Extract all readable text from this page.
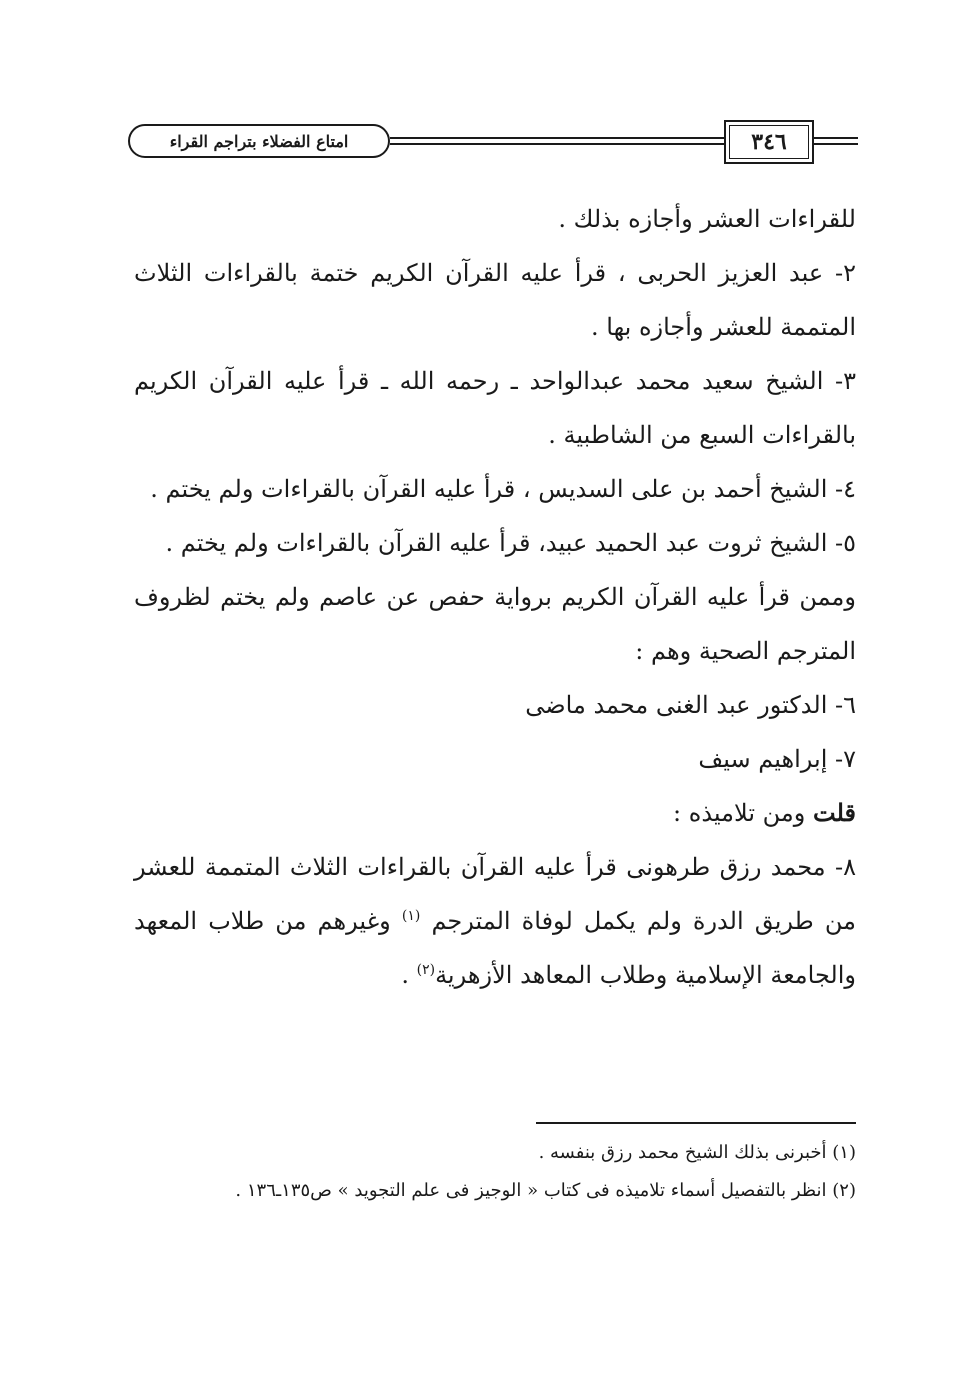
امتاع الفضلاء بتراجم القراء	٣٤٦

للقراءات العشر وأجازه بذلك .

٢- عبد العزيز الحربى ، قرأ عليه القرآن الكريم ختمة بالقراءات الثلاث المتممة للعشر وأجازه بها .

٣- الشيخ سعيد محمد عبدالواحد ـ رحمه الله ـ قرأ عليه القرآن الكريم بالقراءات السبع من الشاطبية .

٤- الشيخ أحمد بن على السديس ، قرأ عليه القرآن بالقراءات ولم يختم .

٥- الشيخ ثروت عبد الحميد عبيد، قرأ عليه القرآن بالقراءات ولم يختم .

وممن قرأ عليه القرآن الكريم برواية حفص عن عاصم ولم يختم لظروف المترجم الصحية وهم :

٦- الدكتور عبد الغنى محمد ماضى

٧- إبراهيم سيف

قلت ومن تلاميذه :

٨- محمد رزق طرهونى قرأ عليه القرآن بالقراءات الثلاث المتممة للعشر من طريق الدرة ولم يكمل لوفاة المترجم $^{(١)}$ وغيرهم من طلاب المعهد والجامعة الإسلامية وطلاب المعاهد الأزهرية$^{(٢)}$ .

(١) أخبرنى بذلك الشيخ محمد رزق بنفسه .

(٢) انظر بالتفصيل أسماء تلاميذه فى كتاب « الوجيز فى علم التجويد » ص١٣٥ـ١٣٦ .
